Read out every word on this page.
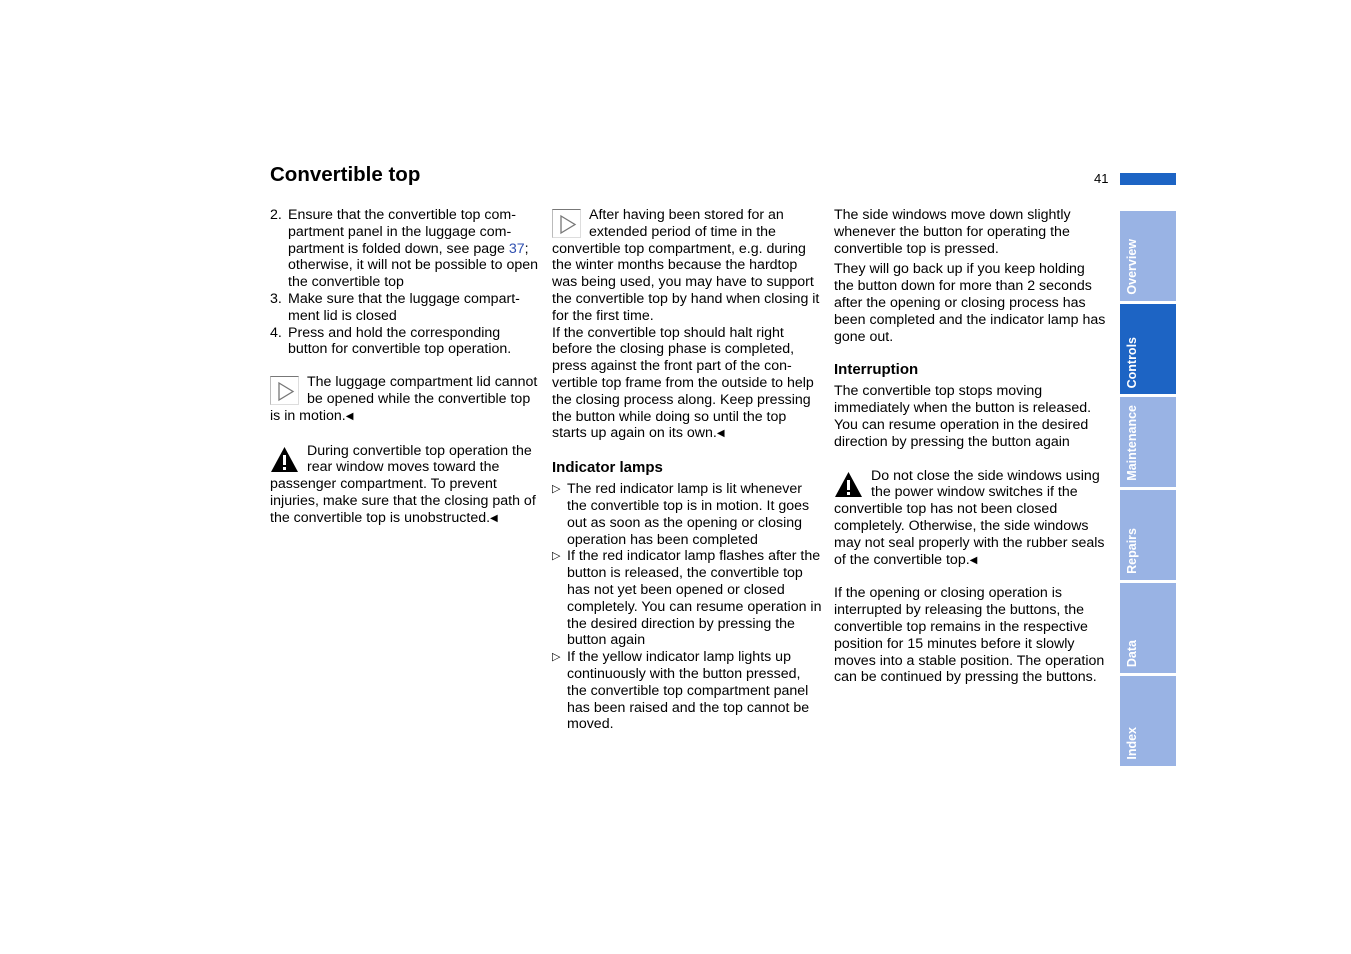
Convertible top	41
2. Ensure that the convertible top compartment panel in the luggage compartment is folded down, see page 37; otherwise, it will not be possible to open the convertible top
3. Make sure that the luggage compartment lid is closed
4. Press and hold the corresponding button for convertible top operation.

The luggage compartment lid cannot be opened while the convertible top is in motion.◀

During convertible top operation the rear window moves toward the passenger compartment. To prevent injuries, make sure that the closing path of the convertible top is unobstructed.◀

After having been stored for an extended period of time in the convertible top compartment, e.g. during the winter months because the hardtop was being used, you may have to support the convertible top by hand when closing it for the first time.

If the convertible top should halt right before the closing phase is completed, press against the front part of the convertible top frame from the outside to help the closing process along. Keep pressing the button while doing so until the top starts up again on its own.◀

Indicator lamps
▷ The red indicator lamp is lit whenever the convertible top is in motion. It goes out as soon as the opening or closing operation has been completed
▷ If the red indicator lamp flashes after the button is released, the convertible top has not yet been opened or closed completely. You can resume operation in the desired direction by pressing the button again
▷ If the yellow indicator lamp lights up continuously with the button pressed, the convertible top compartment panel has been raised and the top cannot be moved.

The side windows move down slightly whenever the button for operating the convertible top is pressed.

They will go back up if you keep holding the button down for more than 2 seconds after the opening or closing process has been completed and the indicator lamp has gone out.

Interruption

The convertible top stops moving immediately when the button is released. You can resume operation in the desired direction by pressing the button again

Do not close the side windows using the power window switches if the convertible top has not been closed completely. Otherwise, the side windows may not seal properly with the rubber seals of the convertible top.◀

If the opening or closing operation is interrupted by releasing the buttons, the convertible top remains in the respective position for 15 minutes before it slowly moves into a stable position. The operation can be continued by pressing the buttons.

Overview
Controls
Maintenance
Repairs
Data
Index
